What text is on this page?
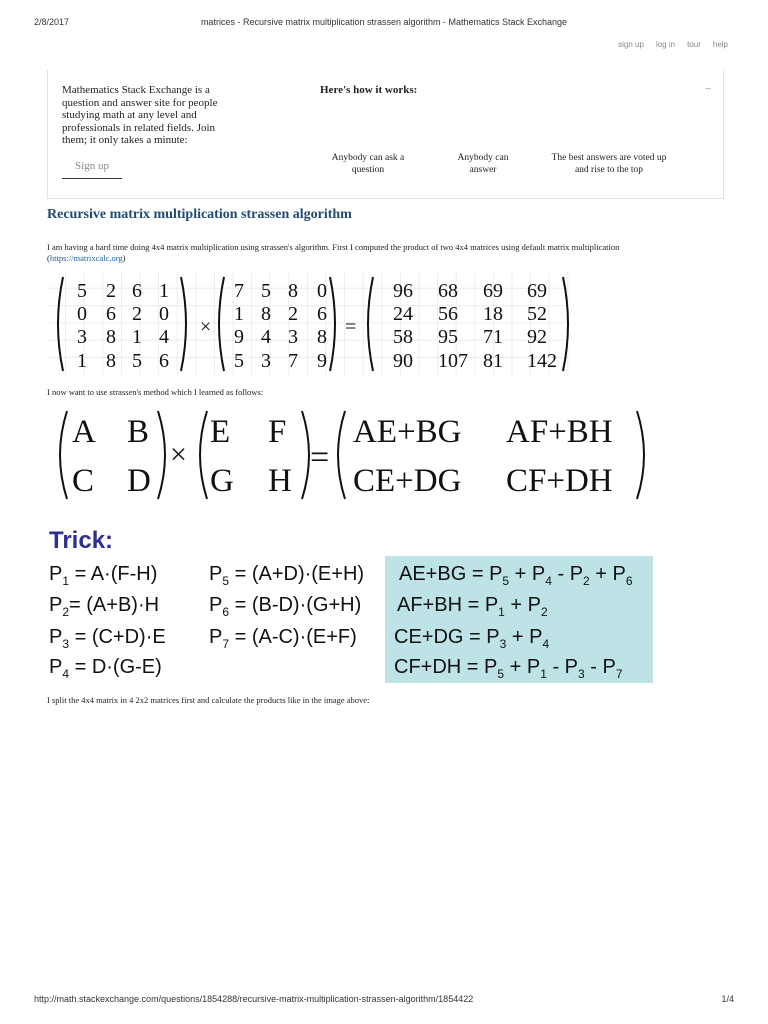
2/8/2017	matrices - Recursive matrix multiplication strassen algorithm - Mathematics Stack Exchange
sign up log in tour help
Mathematics Stack Exchange is a question and answer site for people studying math at any level and professionals in related fields. Join them; it only takes a minute:
Sign up
Here's how it works:	–
Anybody can ask a question
Anybody can answer
The best answers are voted up and rise to the top
Recursive matrix multiplication strassen algorithm
I am having a hard time doing 4x4 matrix multiplication using strassen's algorithm. First I computed the product of two 4x4 matrices using default matrix multiplication (https://matrixcalc.org)
5 2 6 1
0 6 2 0
3 8 1 4
1 8 5 6
7 5 8 0
1 8 2 6
9 4 3 8
5 3 7 9
96 68 69 69
24 56 18 52
58 95 71 92
90 107 81 142
×	=
I now want to use strassen's method which I learned as follows:
A B
C D
E F
G H
AE+BG AF+BH
CE+DG CF+DH
×	=
Trick:
$P_1 = A\cdot(F-H)$
$P_2= (A+B)\cdot H$
$P_3 = (C+D)\cdot E$
$P_4 = D\cdot(G-E)$
$P_5 = (A+D)\cdot(E+H)$
$P_6 = (B-D)\cdot(G+H)$
$P_7 = (A-C)\cdot(E+F)$
$AE+BG = P_5 + P_4 - P_2 + P_6$
$AF+BH = P_1 + P_2$
$CE+DG = P_3 + P_4$
$CF+DH = P_5 + P_1 - P_3 - P_7$
I split the 4x4 matrix in 4 2x2 matrices first and calculate the products like in the image above:
http://math.stackexchange.com/questions/1854288/recursive-matrix-multiplication-strassen-algorithm/1854422	1/4
